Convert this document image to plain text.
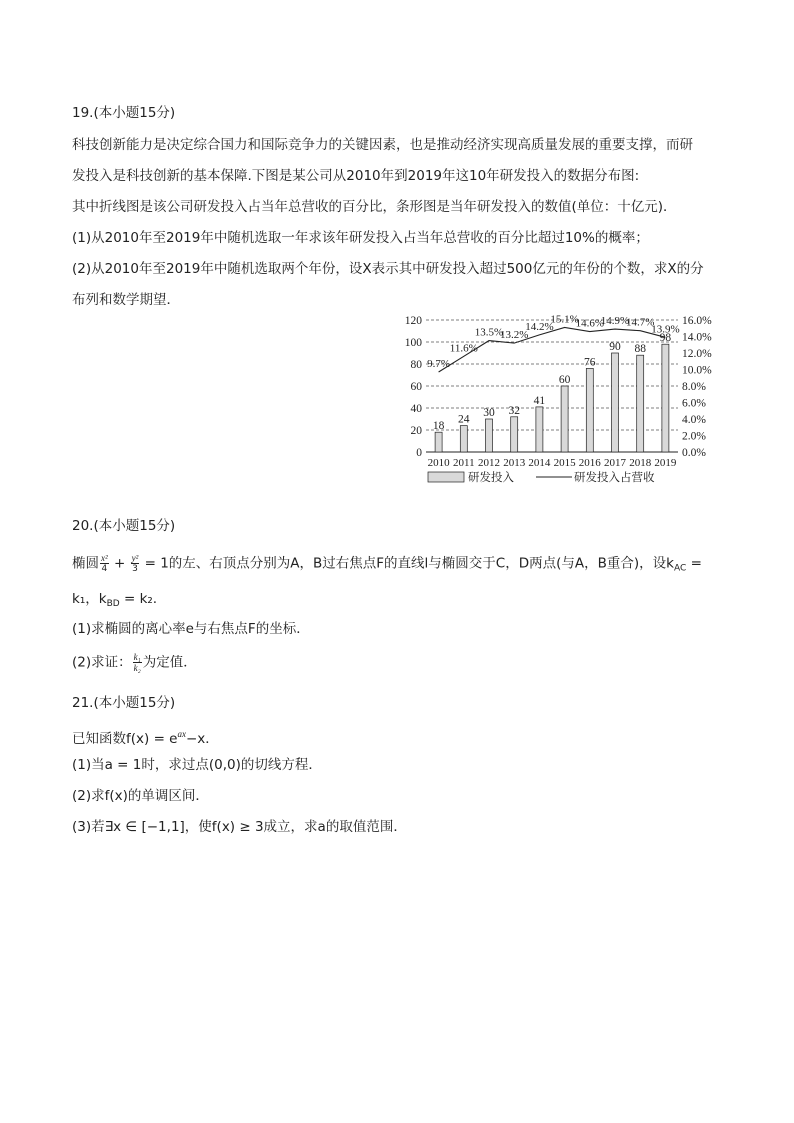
19.(本小题15分)
科技创新能力是决定综合国力和国际竞争力的关键因素，也是推动经济实现高质量发展的重要支撑，而研
发投入是科技创新的基本保障.下图是某公司从2010年到2019年这10年研发投入的数据分布图:
其中折线图是该公司研发投入占当年总营收的百分比，条形图是当年研发投入的数值(单位：十亿元)．
(1)从2010年至2019年中随机选取一年求该年研发投入占当年总营收的百分比超过10%的概率；
(2)从2010年至2019年中随机选取两个年份，设X表示其中研发投入超过500亿元的年份的个数，求X的分
布列和数学期望．
0
20
40
60
80
100
120
0.0%
2.0%
4.0%
6.0%
8.0%
10.0%
12.0%
14.0%
16.0%
18
2010
24
2011
30
2012
32
2013
41
2014
60
2015
76
2016
90
2017
88
2018
98
2019
9.7%
11.6%
13.5%
13.2%
14.2%
15.1%
14.6%
14.9%
14.7%
13.9%
研发投入	研发投入占营收
20.(本小题15分)
椭圆 $\frac{\text{x²}}{4} + \frac{\text{y²}}{3} = 1$的左、右顶点分别为A，B过右焦点F的直线l与椭圆交于C，D两点(与A，B重合)，设$k_{AC}$ =
k₁，$k_{BD} = k_2$.
(1)求椭圆的离心率e与右焦点F的坐标．
(2)求证： $\frac{\text{k₁}}{\text{k₂}}$ 为定值．
21.(本小题15分)
已知函数$f(x) = e^{ax}-x$．
(1)当a = 1时，求过点(0,0)的切线方程．
(2)求f(x)的单调区间．
(3)若∃x ∈ [−1,1]，使f(x) ≥ 3成立，求a的取值范围．
